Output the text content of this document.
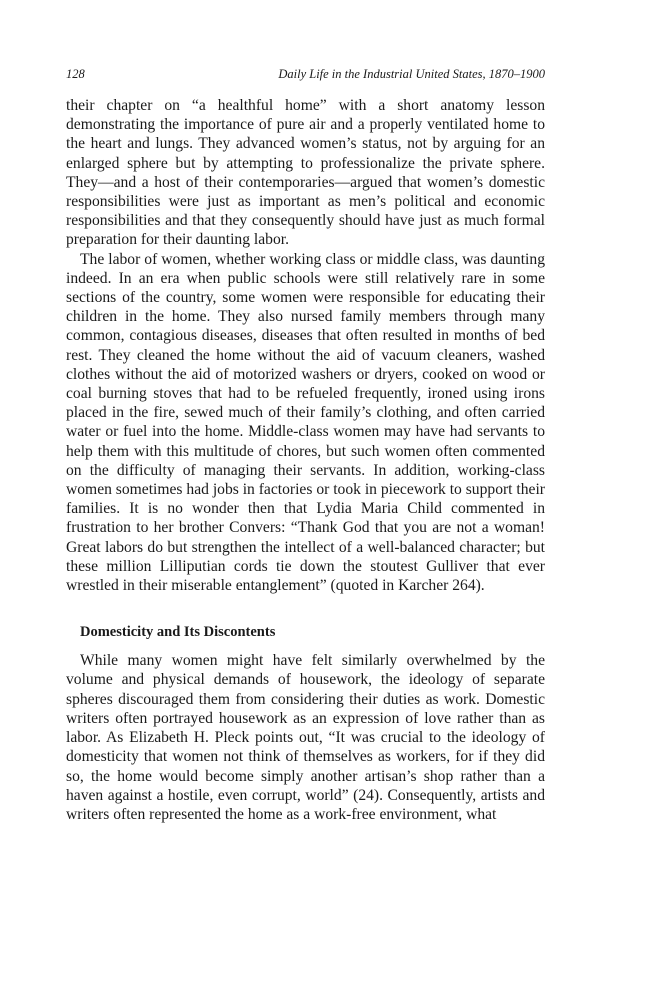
128	Daily Life in the Industrial United States, 1870–1900

their chapter on “a healthful home” with a short anatomy lesson demonstrating the importance of pure air and a properly ventilated home to the heart and lungs. They advanced women’s status, not by arguing for an enlarged sphere but by attempting to professionalize the private sphere. They—and a host of their contemporaries—argued that women’s domestic responsibilities were just as important as men’s political and economic responsibilities and that they consequently should have just as much formal preparation for their daunting labor.

The labor of women, whether working class or middle class, was daunting indeed. In an era when public schools were still relatively rare in some sections of the country, some women were responsible for educating their children in the home. They also nursed family members through many common, contagious diseases, diseases that often resulted in months of bed rest. They cleaned the home without the aid of vacuum cleaners, washed clothes without the aid of motorized washers or dryers, cooked on wood or coal burning stoves that had to be refueled frequently, ironed using irons placed in the fire, sewed much of their family’s clothing, and often carried water or fuel into the home. Middle-class women may have had servants to help them with this multitude of chores, but such women often commented on the difficulty of managing their servants. In addition, working-class women sometimes had jobs in factories or took in piecework to support their families. It is no wonder then that Lydia Maria Child commented in frustration to her brother Convers: “Thank God that you are not a woman! Great labors do but strengthen the intellect of a well-balanced character; but these million Lilliputian cords tie down the stoutest Gulliver that ever wrestled in their miserable entanglement” (quoted in Karcher 264).

Domesticity and Its Discontents

While many women might have felt similarly overwhelmed by the volume and physical demands of housework, the ideology of separate spheres discouraged them from considering their duties as work. Domestic writers often portrayed housework as an expression of love rather than as labor. As Elizabeth H. Pleck points out, “It was crucial to the ideology of domesticity that women not think of themselves as workers, for if they did so, the home would become simply another artisan’s shop rather than a haven against a hostile, even corrupt, world” (24). Consequently, artists and writers often represented the home as a work-free environment, what
